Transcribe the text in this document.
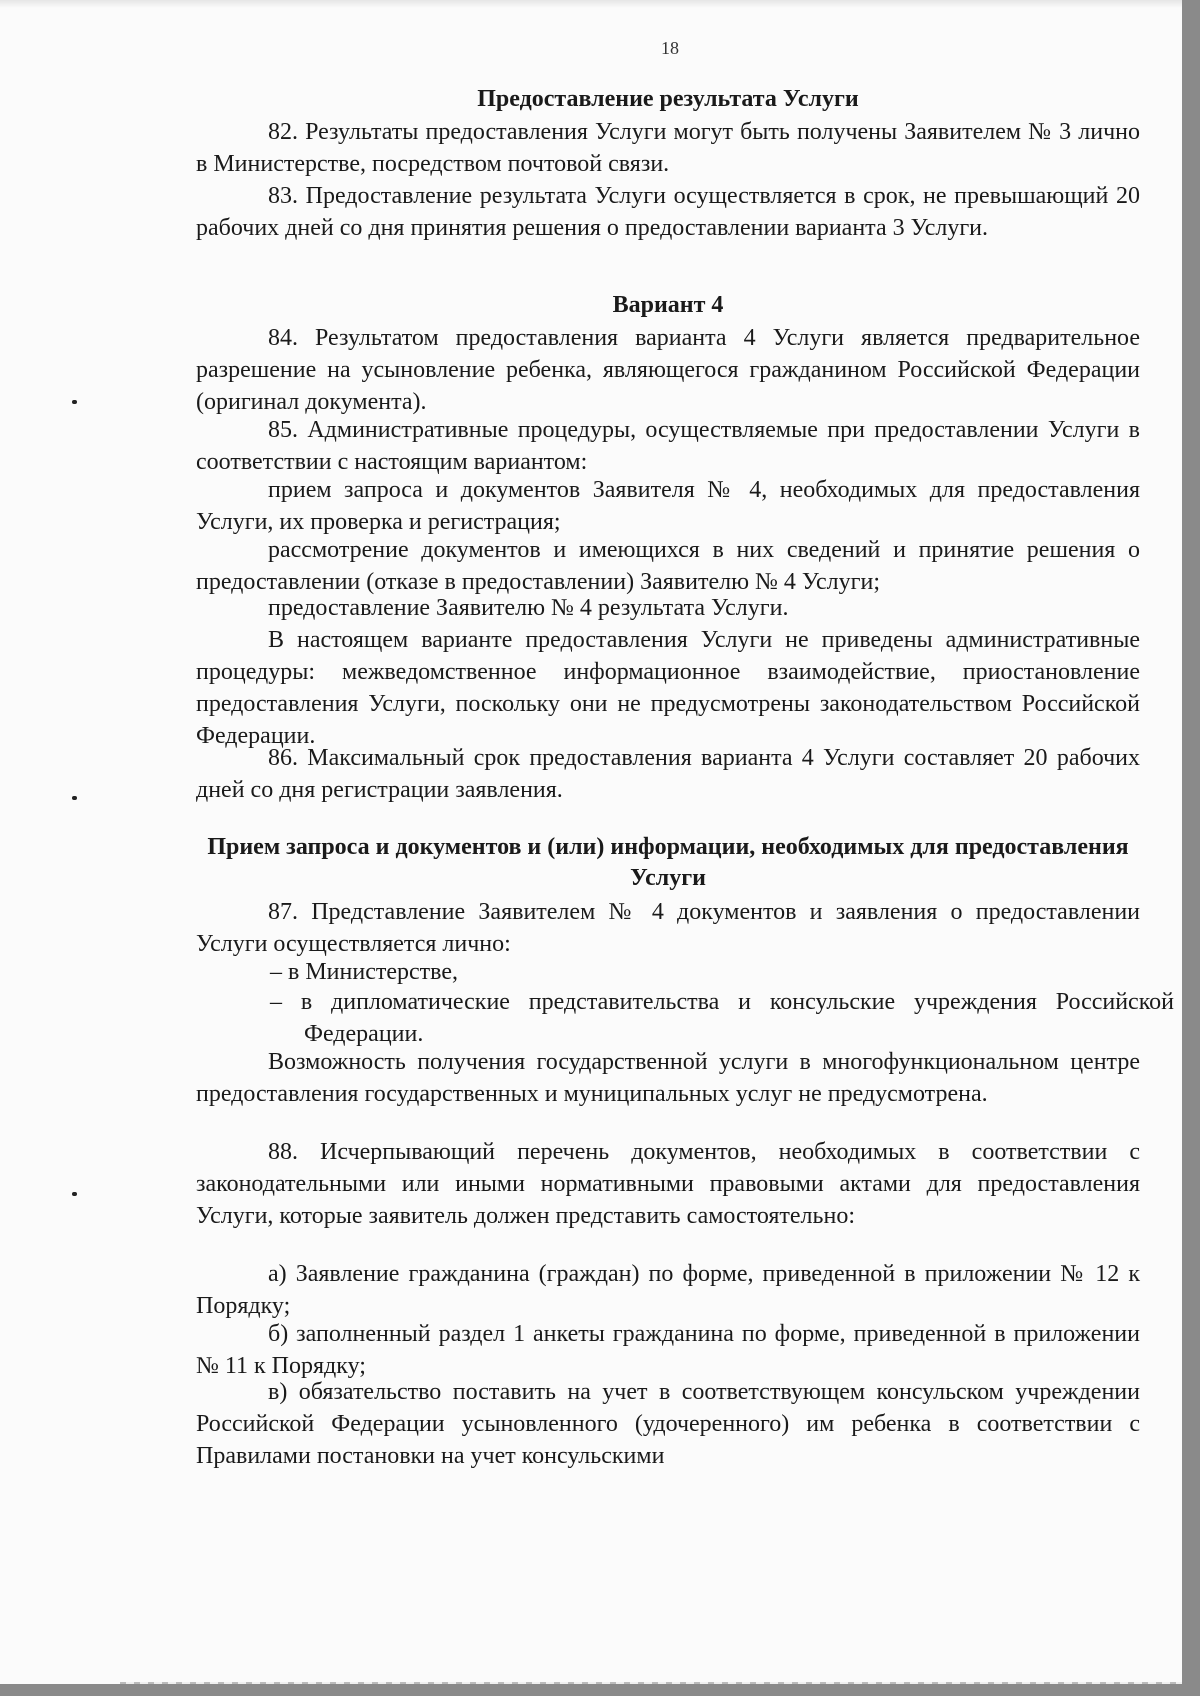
18
Предоставление результата Услуги
82. Результаты предоставления Услуги могут быть получены Заявителем № 3 лично в Министерстве, посредством почтовой связи.
83. Предоставление результата Услуги осуществляется в срок, не превышающий 20 рабочих дней со дня принятия решения о предоставлении варианта 3 Услуги.
Вариант 4
84. Результатом предоставления варианта 4 Услуги является предварительное разрешение на усыновление ребенка, являющегося гражданином Российской Федерации (оригинал документа).
85. Административные процедуры, осуществляемые при предоставлении Услуги в соответствии с настоящим вариантом:
прием запроса и документов Заявителя № 4, необходимых для предоставления Услуги, их проверка и регистрация;
рассмотрение документов и имеющихся в них сведений и принятие решения о предоставлении (отказе в предоставлении) Заявителю № 4 Услуги;
предоставление Заявителю № 4 результата Услуги.
В настоящем варианте предоставления Услуги не приведены административные процедуры: межведомственное информационное взаимодействие, приостановление предоставления Услуги, поскольку они не предусмотрены законодательством Российской Федерации.
86. Максимальный срок предоставления варианта 4 Услуги составляет 20 рабочих дней со дня регистрации заявления.
Прием запроса и документов и (или) информации, необходимых для предоставления Услуги
87. Представление Заявителем № 4 документов и заявления о предоставлении Услуги осуществляется лично:
– в Министерстве,
– в дипломатические представительства и консульские учреждения Российской Федерации.
Возможность получения государственной услуги в многофункциональном центре предоставления государственных и муниципальных услуг не предусмотрена.
88. Исчерпывающий перечень документов, необходимых в соответствии с законодательными или иными нормативными правовыми актами для предоставления Услуги, которые заявитель должен представить самостоятельно:
а) Заявление гражданина (граждан) по форме, приведенной в приложении № 12 к Порядку;
б) заполненный раздел 1 анкеты гражданина по форме, приведенной в приложении № 11 к Порядку;
в) обязательство поставить на учет в соответствующем консульском учреждении Российской Федерации усыновленного (удочеренного) им ребенка в соответствии с Правилами постановки на учет консульскими
